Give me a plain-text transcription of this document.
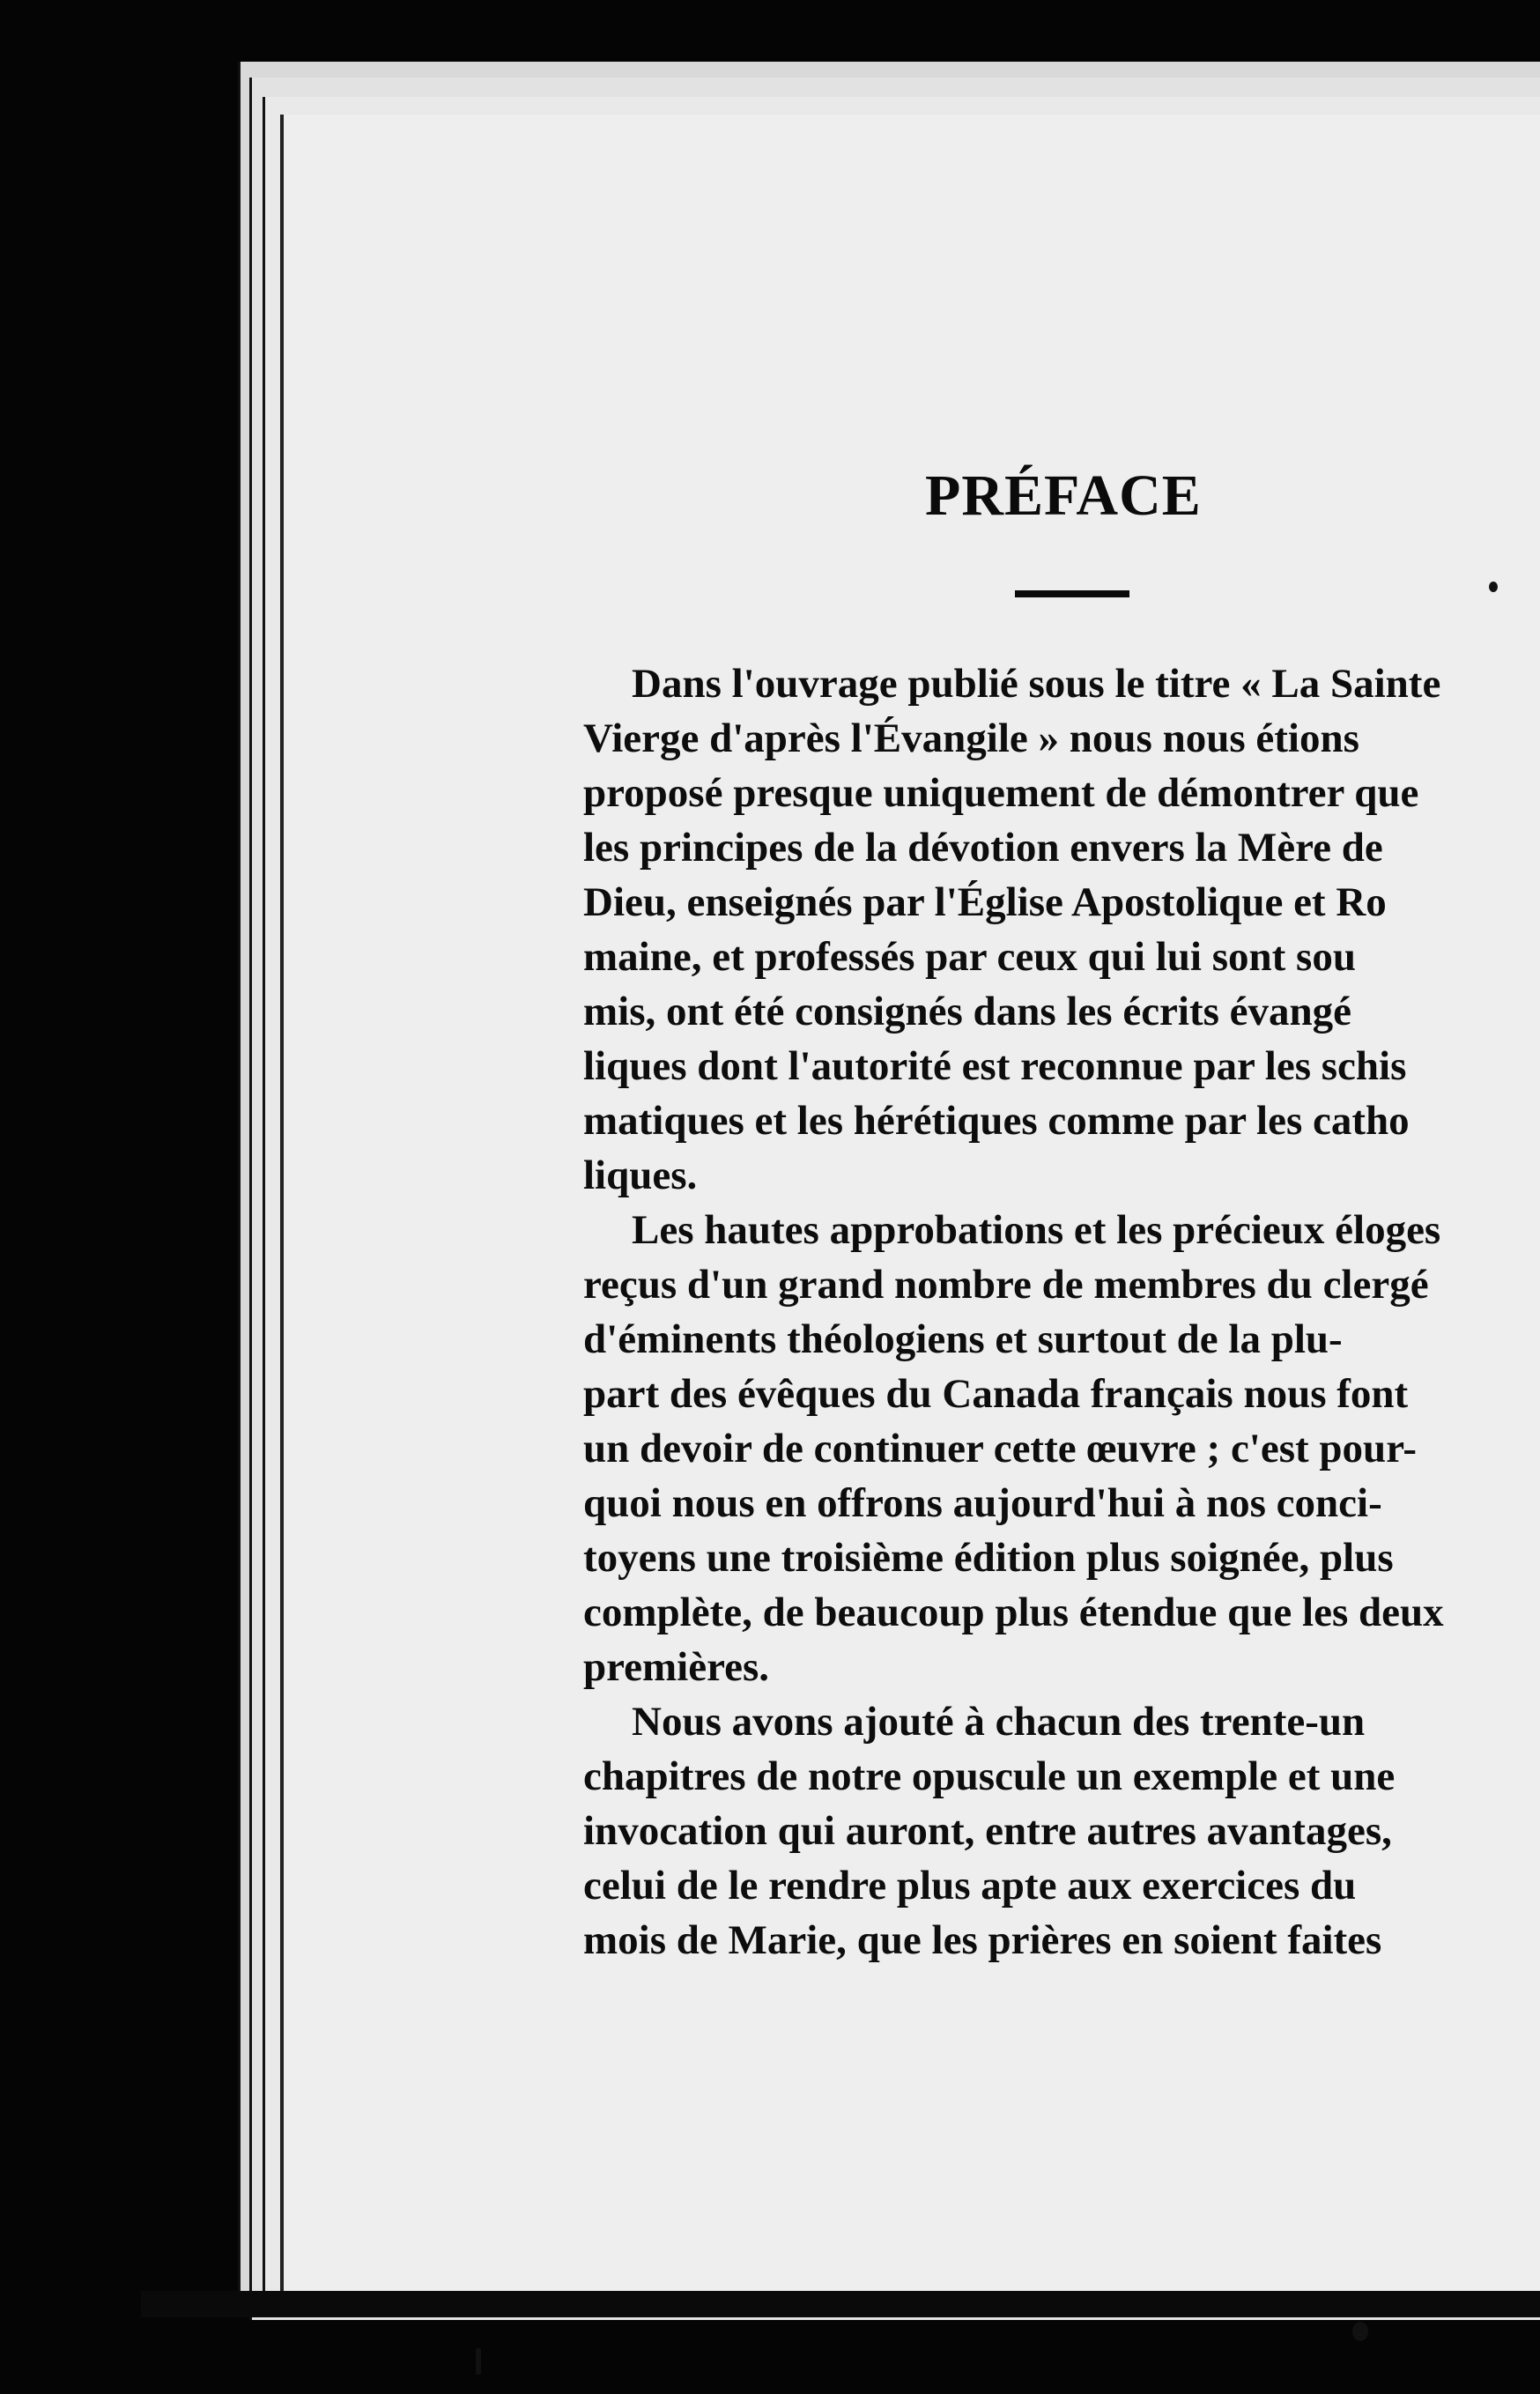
PRÉFACE

Dans l'ouvrage publié sous le titre « La Sainte
Vierge d'après l'Évangile » nous nous étions
proposé presque uniquement de démontrer que
les principes de la dévotion envers la Mère de
Dieu, enseignés par l'Église Apostolique et Ro
maine, et professés par ceux qui lui sont sou
mis, ont été consignés dans les écrits évangé
liques dont l'autorité est reconnue par les schis
matiques et les hérétiques comme par les catho
liques.

Les hautes approbations et les précieux éloges
reçus d'un grand nombre de membres du clergé
d'éminents théologiens et surtout de la plu-
part des évêques du Canada français nous font
un devoir de continuer cette œuvre ; c'est pour-
quoi nous en offrons aujourd'hui à nos conci-
toyens une troisième édition plus soignée, plus
complète, de beaucoup plus étendue que les deux
premières.

Nous avons ajouté à chacun des trente-un
chapitres de notre opuscule un exemple et une
invocation qui auront, entre autres avantages,
celui de le rendre plus apte aux exercices du
mois de Marie, que les prières en soient faites
